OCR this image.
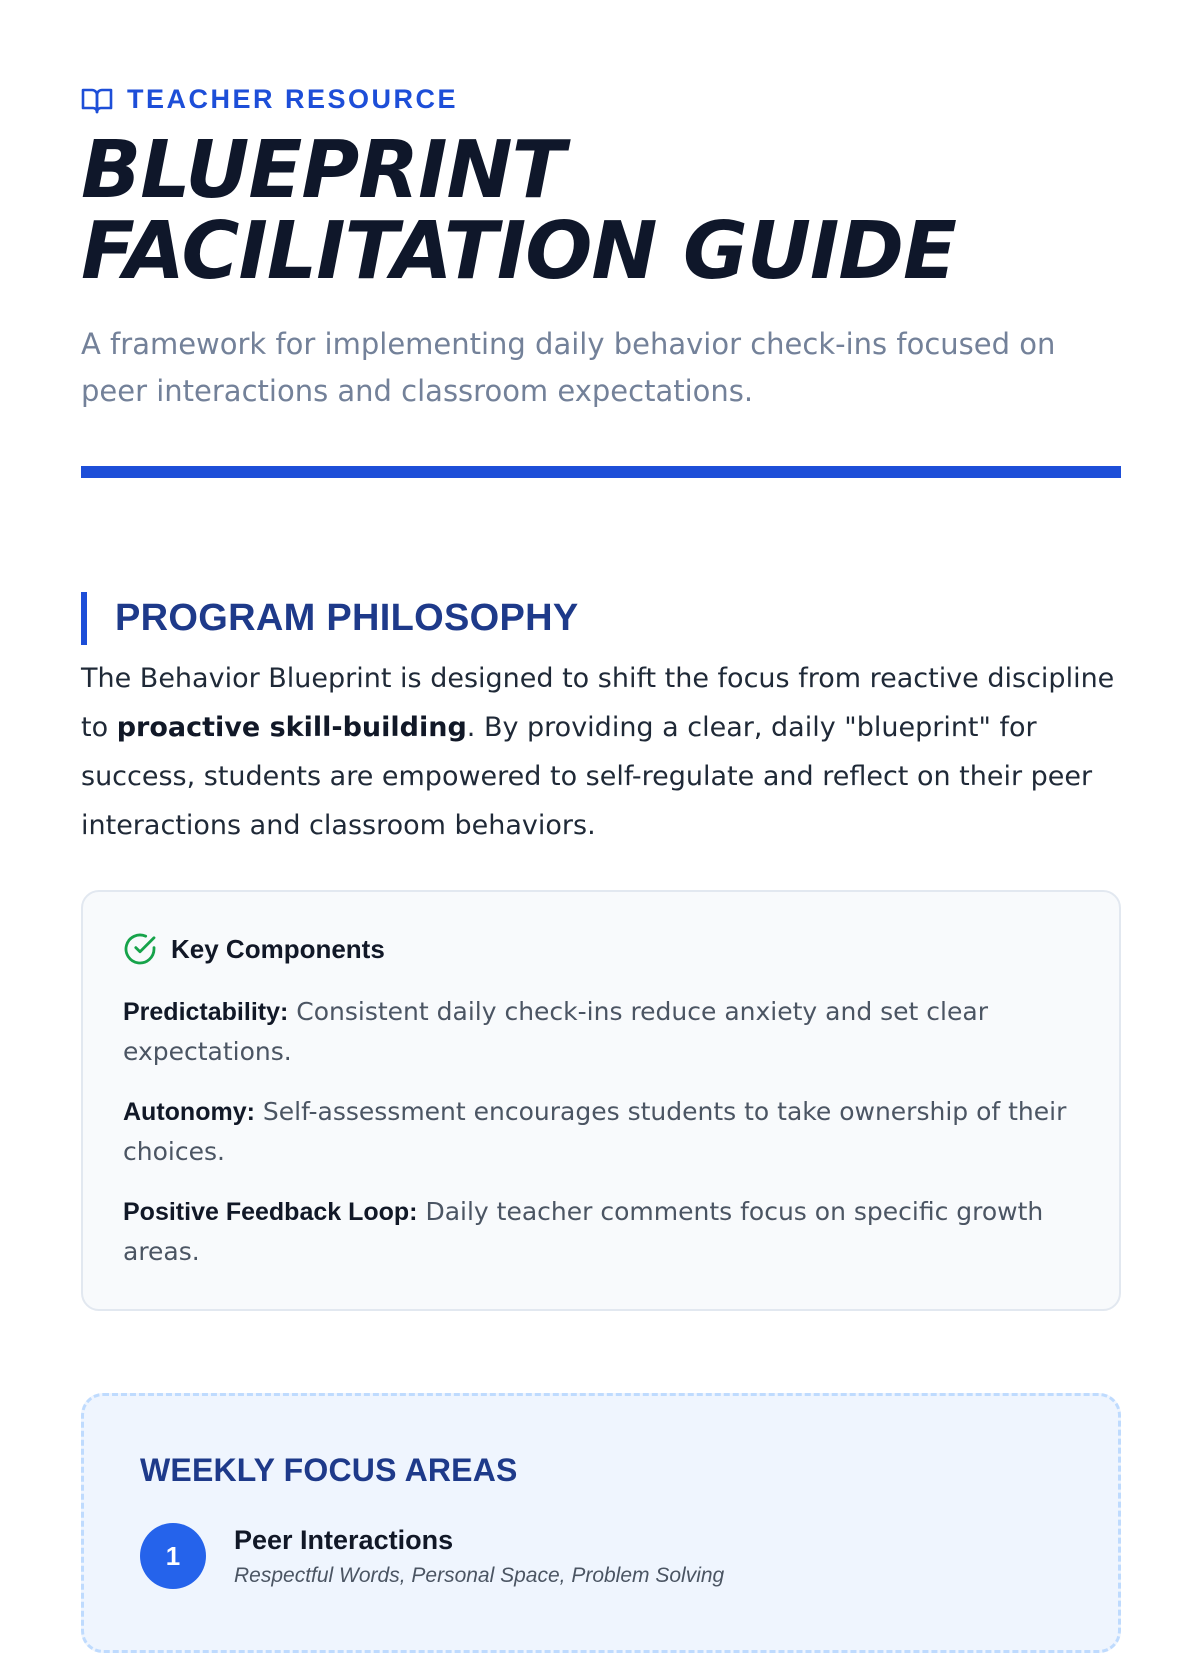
TEACHER RESOURCE
BLUEPRINT
FACILITATION GUIDE

A framework for implementing daily behavior check-ins focused on peer interactions and classroom expectations.

PROGRAM PHILOSOPHY

The Behavior Blueprint is designed to shift the focus from reactive discipline to proactive skill-building. By providing a clear, daily "blueprint" for success, students are empowered to self-regulate and reflect on their peer interactions and classroom behaviors.

Key Components

Predictability: Consistent daily check-ins reduce anxiety and set clear expectations.

Autonomy: Self-assessment encourages students to take ownership of their choices.

Positive Feedback Loop: Daily teacher comments focus on specific growth areas.

WEEKLY FOCUS AREAS
1
Peer Interactions
Respectful Words, Personal Space, Problem Solving
